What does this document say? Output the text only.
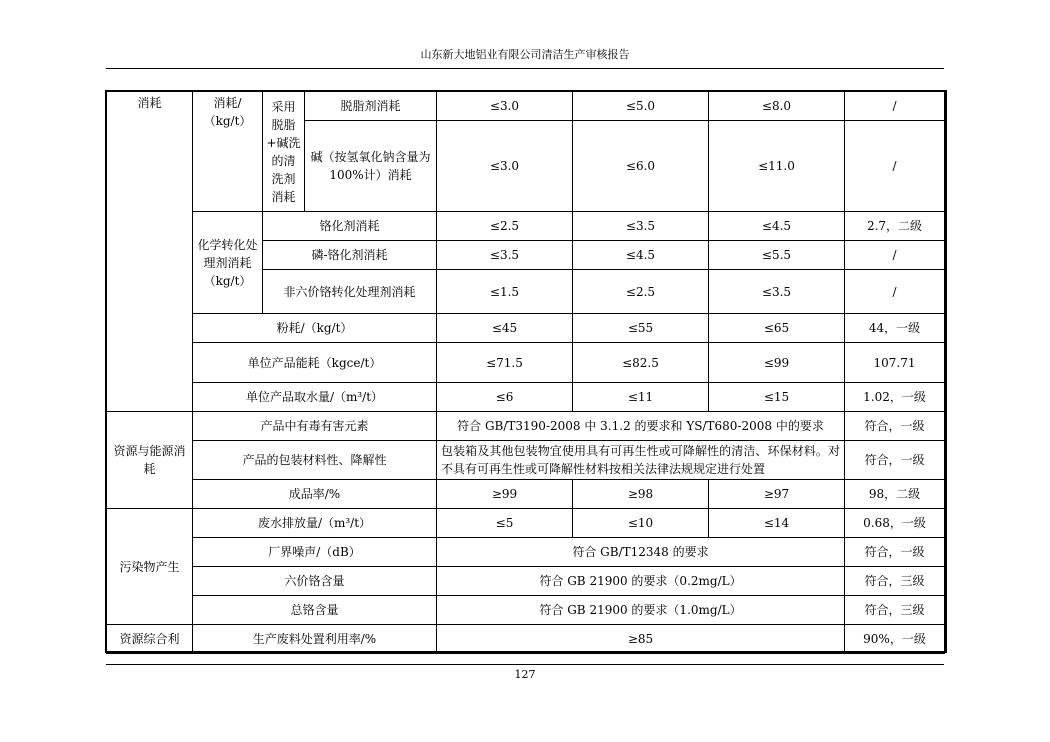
山东新大地铝业有限公司清洁生产审核报告
消耗	消耗/（kg/t）	采用脱脂+碱洗的清洗剂消耗	脱脂剂消耗	≤3.0	≤5.0	≤8.0	/
			碱（按氢氧化钠含量为100%计）消耗	≤3.0	≤6.0	≤11.0	/
	化学转化处理剂消耗（kg/t）	铬化剂消耗		≤2.5	≤3.5	≤4.5	2.7，二级
		磷-铬化剂消耗		≤3.5	≤4.5	≤5.5	/
		非六价铬转化处理剂消耗		≤1.5	≤2.5	≤3.5	/
	粉耗/（kg/t）			≤45	≤55	≤65	44，一级
	单位产品能耗（kgce/t）			≤71.5	≤82.5	≤99	107.71
	单位产品取水量/（m³/t）			≤6	≤11	≤15	1.02，一级
资源与能源消耗	产品中有毒有害元素			符合 GB/T3190-2008 中 3.1.2 的要求和 YS/T680-2008 中的要求			符合，一级
	产品的包装材料性、降解性			包装箱及其他包装物宜使用具有可再生性或可降解性的清洁、环保材料。对不具有可再生性或可降解性材料按相关法律法规规定进行处置			符合，一级
	成品率/%			≥99	≥98	≥97	98，二级
污染物产生	废水排放量/（m³/t）			≤5	≤10	≤14	0.68，一级
	厂界噪声/（dB）			符合 GB/T12348 的要求			符合，一级
	六价铬含量			符合 GB 21900 的要求（0.2mg/L）			符合，三级
	总铬含量			符合 GB 21900 的要求（1.0mg/L）			符合，三级
资源综合利	生产废料处置利用率/%			≥85			90%，一级
127
